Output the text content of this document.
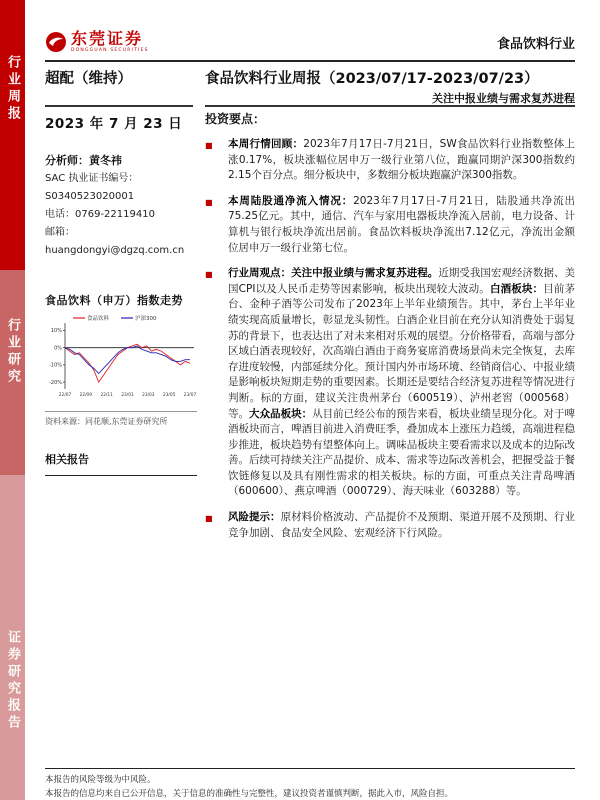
行业周报
行业研究
证券研究报告
东莞证券
DONGGUAN SECURITIES	食品饮料行业
超配（维持）	食品饮料行业周报（2023/07/17-2023/07/23）
关注中报业绩与需求复苏进程
2023 年 7 月 23 日
分析师：黄冬祎
SAC 执业证书编号：
S0340523020001
电话：0769-22119410
邮箱：
huangdongyi@dgzq.com.cn
食品饮料（申万）指数走势
食品饮料	沪深300
10%
0%
-10%
-20%
22/07 22/09 22/11 23/01 23/03 23/05 23/07
资料来源：同花顺,东莞证券研究所
相关报告
投资要点：
■	本周行情回顾：2023年7月17日-7月21日，SW食品饮料行业指数整体上涨0.17%，板块涨幅位居申万一级行业第八位，跑赢同期沪深300指数约2.15个百分点。细分板块中，多数细分板块跑赢沪深300指数。
■	本周陆股通净流入情况：2023年7月17日-7月21日，陆股通共净流出75.25亿元。其中，通信、汽车与家用电器板块净流入居前，电力设备、计算机与银行板块净流出居前。食品饮料板块净流出7.12亿元，净流出金额位居申万一级行业第七位。
■	行业周观点：关注中报业绩与需求复苏进程。近期受我国宏观经济数据、美国CPI以及人民币走势等因素影响，板块出现较大波动。白酒板块：目前茅台、金种子酒等公司发布了2023年上半年业绩预告。其中，茅台上半年业绩实现高质量增长，彰显龙头韧性。白酒企业目前在充分认知消费处于弱复苏的背景下，也表达出了对未来相对乐观的展望。分价格带看，高端与部分区域白酒表现较好，次高端白酒由于商务宴席消费场景尚未完全恢复，去库存进度较慢，内部延续分化。预计国内外市场环境、经销商信心、中报业绩是影响板块短期走势的重要因素。长期还是要结合经济复苏进程等情况进行判断。标的方面，建议关注贵州茅台（600519）、泸州老窖（000568）等。大众品板块：从目前已经公布的预告来看，板块业绩呈现分化。对于啤酒板块而言，啤酒目前进入消费旺季，叠加成本上涨压力趋缓，高端进程稳步推进，板块趋势有望整体向上。调味品板块主要看需求以及成本的边际改善。后续可持续关注产品提价、成本、需求等边际改善机会，把握受益于餐饮链修复以及具有刚性需求的相关板块。标的方面，可重点关注青岛啤酒（600600）、燕京啤酒（000729）、海天味业（603288）等。
■	风险提示：原材料价格波动、产品提价不及预期、渠道开展不及预期、行业竞争加剧、食品安全风险、宏观经济下行风险。
本报告的风险等级为中风险。
本报告的信息均来自已公开信息，关于信息的准确性与完整性，建议投资者谨慎判断，据此入市，风险自担。
